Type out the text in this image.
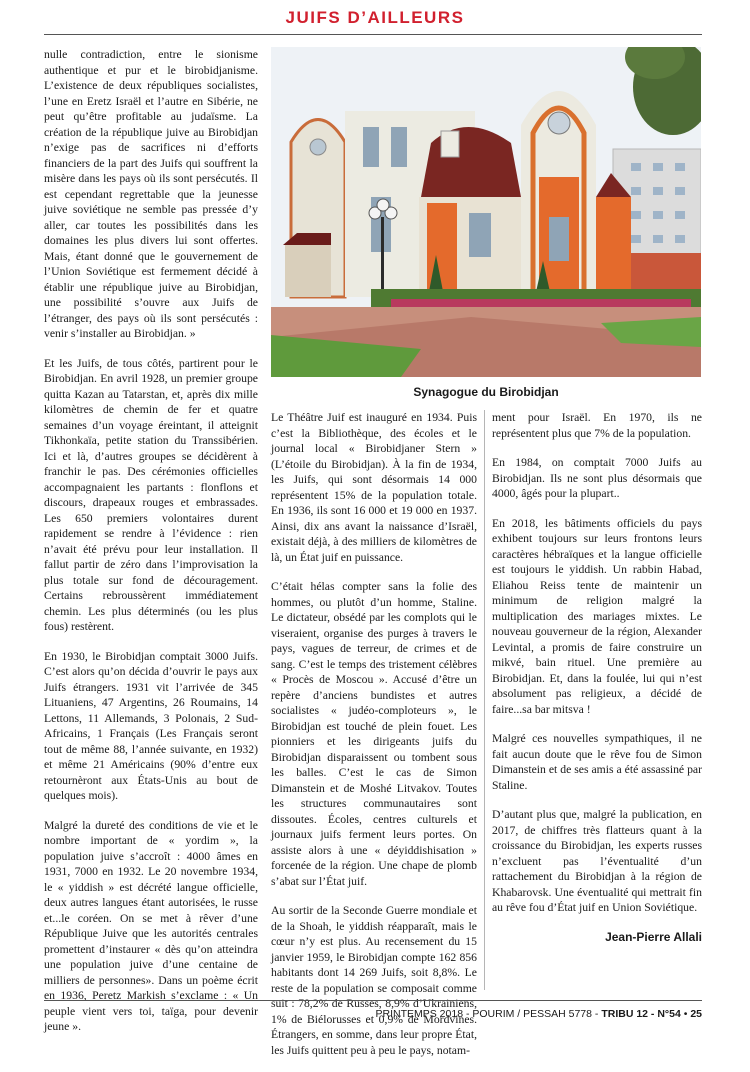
JUIFS D’AILLEURS

nulle contradiction, entre le sionisme authentique et pur et le birobidjanisme. L’existence de deux républiques socialistes, l’une en Eretz Israël et l’autre en Sibérie, ne peut qu’être profitable au judaïsme. La création de la république juive au Birobidjan n’exige pas de sacrifices ni d’efforts financiers de la part des Juifs qui souffrent la misère dans les pays où ils sont persécutés. Il est cependant regrettable que la jeunesse juive soviétique ne semble pas pressée d’y aller, car toutes les possibilités dans les domaines les plus divers lui sont offertes. Mais, étant donné que le gouvernement de l’Union Soviétique est fermement décidé à établir une république juive au Birobidjan, une possibilité s’ouvre aux Juifs de l’étranger, des pays où ils sont persécutés : venir s’installer au Birobidjan. »

Et les Juifs, de tous côtés, partirent pour le Birobidjan. En avril 1928, un premier groupe quitta Kazan au Tatarstan, et, après dix mille kilomètres de chemin de fer et quatre semaines d’un voyage éreintant, il atteignit Tikhonkaïa, petite station du Transsibérien. Ici et là, d’autres groupes se décidèrent à franchir le pas. Des cérémonies officielles accompagnaient les partants : flonflons et discours, drapeaux rouges et embrassades. Les 650 premiers volontaires durent rapidement se rendre à l’évidence : rien n’avait été prévu pour leur installation. Il fallut partir de zéro dans l’improvisation la plus totale sur fond de découragement. Certains rebroussèrent immédiatement chemin. Les plus déterminés (ou les plus fous) restèrent.

En 1930, le Birobidjan comptait 3000 Juifs. C’est alors qu’on décida d’ouvrir le pays aux Juifs étrangers. 1931 vit l’arrivée de 345 Lituaniens, 47 Argentins, 26 Roumains, 14 Lettons, 11 Allemands, 3 Polonais, 2 Sud-Africains, 1 Français (Les Français seront tout de même 88, l’année suivante, en 1932) et même 21 Américains (90% d’entre eux retournèront aux États-Unis au bout de quelques mois).

Malgré la dureté des conditions de vie et le nombre important de « yordim », la population juive s’accroît : 4000 âmes en 1931, 7000 en 1932. Le 20 novembre 1934, le « yiddish » est décrété langue officielle, deux autres langues étant autorisées, le russe et...le coréen. On se met à rêver d’une République Juive que les autorités centrales promettent d’instaurer « dès qu’on atteindra une population juive d’une centaine de milliers de personnes». Dans un poème écrit en 1936, Peretz Markish s’exclame : « Un peuple vient vers toi, taïga, pour devenir jeune ».

Synagogue du Birobidjan

Le Théâtre Juif est inauguré en 1934. Puis c’est la Bibliothèque, des écoles et le journal local « Birobidjaner Stern » (L’étoile du Birobidjan). À la fin de 1934, les Juifs, qui sont désormais 14 000 représentent 15% de la population totale. En 1936, ils sont 16 000 et 19 000 en 1937. Ainsi, dix ans avant la naissance d’Israël, existait déjà, à des milliers de kilomètres de là, un État juif en puissance.

C’était hélas compter sans la folie des hommes, ou plutôt d’un homme, Staline. Le dictateur, obsédé par les complots qui le viseraient, organise des purges à travers le pays, vagues de terreur, de crimes et de sang. C’est le temps des tristement célèbres « Procès de Moscou ». Accusé d’être un repère d’anciens bundistes et autres socialistes « judéo-comploteurs », le Birobidjan est touché de plein fouet. Les pionniers et les dirigeants juifs du Birobidjan disparaissent ou tombent sous les balles. C’est le cas de Simon Dimanstein et de Moshé Litvakov. Toutes les structures communautaires sont dissoutes. Écoles, centres culturels et journaux juifs ferment leurs portes. On assiste alors à une « déyiddishisation » forcenée de la région. Une chape de plomb s’abat sur l’État juif.

Au sortir de la Seconde Guerre mondiale et de la Shoah, le yiddish réapparaît, mais le cœur n’y est plus. Au recensement du 15 janvier 1959, le Birobidjan compte 162 856 habitants dont 14 269 Juifs, soit 8,8%. Le reste de la population se composait comme suit : 78,2% de Russes, 8,9% d’Ukrainiens, 1% de Biélorusses et 0,9% de Mordvines. Étrangers, en somme, dans leur propre État, les Juifs quittent peu à peu le pays, notam-

ment pour Israël. En 1970, ils ne représentent plus que 7% de la population.

En 1984, on comptait 7000 Juifs au Birobidjan. Ils ne sont plus désormais que 4000, âgés pour la plupart..

En 2018, les bâtiments officiels du pays exhibent toujours sur leurs frontons leurs caractères hébraïques et la langue officielle est toujours le yiddish. Un rabbin Habad, Eliahou Reiss tente de maintenir un minimum de religion malgré la multiplication des mariages mixtes. Le nouveau gouverneur de la région, Alexander Levintal, a promis de faire construire un mikvé, bain rituel. Une première au Birobidjan. Et, dans la foulée, lui qui n’est absolument pas religieux, a décidé de faire...sa bar mitsva !

Malgré ces nouvelles sympathiques, il ne fait aucun doute que le rêve fou de Simon Dimanstein et de ses amis a été assassiné par Staline.

D’autant plus que, malgré la publication, en 2017, de chiffres très flatteurs quant à la croissance du Birobidjan, les experts russes n’excluent pas l’éventualité d’un rattachement du Birobidjan à la région de Khabarovsk. Une éventualité qui mettrait fin au rêve fou d’État juif en Union Soviétique.

Jean-Pierre Allali
PRINTEMPS 2018 - POURIM / PESSAH 5778 - TRIBU 12 - N°54 • 25
